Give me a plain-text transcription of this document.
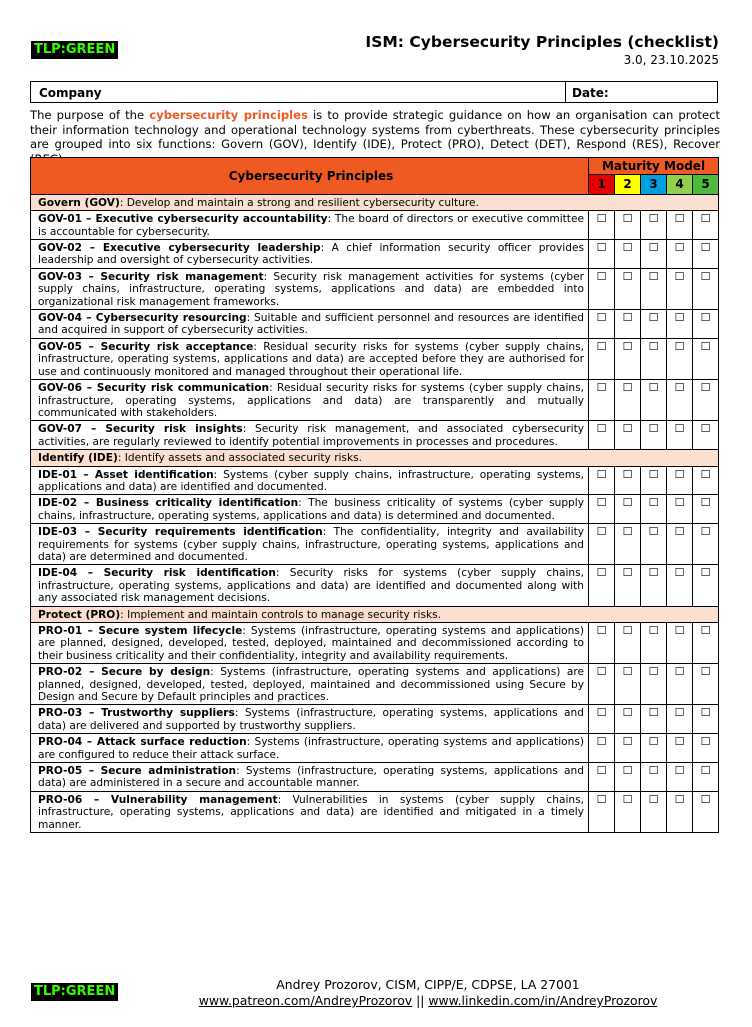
TLP:GREEN	ISM: Cybersecurity Principles (checklist)
3.0, 23.10.2025
Company	Date:
The purpose of the cybersecurity principles is to provide strategic guidance on how an organisation can protect their information technology and operational technology systems from cyberthreats. These cybersecurity principles are grouped into six functions: Govern (GOV), Identify (IDE), Protect (PRO), Detect (DET), Respond (RES), Recover
Cybersecurity Principles	Maturity Model				
	1	2	3	4	5
Govern (GOV): Develop and maintain a strong and resilient cybersecurity culture.					
GOV-01 – Executive cybersecurity accountability: The board of directors or executive committee is accountable for cybersecurity.	☐	☐	☐	☐	☐
GOV-02 – Executive cybersecurity leadership: A chief information security officer provides leadership and oversight of cybersecurity activities.	☐	☐	☐	☐	☐
GOV-03 – Security risk management: Security risk management activities for systems (cyber supply chains, infrastructure, operating systems, applications and data) are embedded into organizational risk management frameworks.	☐	☐	☐	☐	☐
GOV-04 – Cybersecurity resourcing: Suitable and sufficient personnel and resources are identified and acquired in support of cybersecurity activities.	☐	☐	☐	☐	☐
GOV-05 – Security risk acceptance: Residual security risks for systems (cyber supply chains, infrastructure, operating systems, applications and data) are accepted before they are authorised for use and continuously monitored and managed throughout their operational life.	☐	☐	☐	☐	☐
GOV-06 – Security risk communication: Residual security risks for systems (cyber supply chains, infrastructure, operating systems, applications and data) are transparently and mutually communicated with stakeholders.	☐	☐	☐	☐	☐
GOV-07 – Security risk insights: Security risk management, and associated cybersecurity activities, are regularly reviewed to identify potential improvements in processes and procedures.	☐	☐	☐	☐	☐
Identify (IDE): Identify assets and associated security risks.					
IDE-01 – Asset identification: Systems (cyber supply chains, infrastructure, operating systems, applications and data) are identified and documented.	☐	☐	☐	☐	☐
IDE-02 – Business criticality identification: The business criticality of systems (cyber supply chains, infrastructure, operating systems, applications and data) is determined and documented.	☐	☐	☐	☐	☐
IDE-03 – Security requirements identification: The confidentiality, integrity and availability requirements for systems (cyber supply chains, infrastructure, operating systems, applications and data) are determined and documented.	☐	☐	☐	☐	☐
IDE-04 – Security risk identification: Security risks for systems (cyber supply chains, infrastructure, operating systems, applications and data) are identified and documented along with any associated risk management decisions.	☐	☐	☐	☐	☐
Protect (PRO): Implement and maintain controls to manage security risks.					
PRO-01 – Secure system lifecycle: Systems (infrastructure, operating systems and applications) are planned, designed, developed, tested, deployed, maintained and decommissioned according to their business criticality and their confidentiality, integrity and availability requirements.	☐	☐	☐	☐	☐
PRO-02 – Secure by design: Systems (infrastructure, operating systems and applications) are planned, designed, developed, tested, deployed, maintained and decommissioned using Secure by Design and Secure by Default principles and practices.	☐	☐	☐	☐	☐
PRO-03 – Trustworthy suppliers: Systems (infrastructure, operating systems, applications and data) are delivered and supported by trustworthy suppliers.	☐	☐	☐	☐	☐
PRO-04 – Attack surface reduction: Systems (infrastructure, operating systems and applications) are configured to reduce their attack surface.	☐	☐	☐	☐	☐
PRO-05 – Secure administration: Systems (infrastructure, operating systems, applications and data) are administered in a secure and accountable manner.	☐	☐	☐	☐	☐
PRO-06 – Vulnerability management: Vulnerabilities in systems (cyber supply chains, infrastructure, operating systems, applications and data) are identified and mitigated in a timely manner.	☐	☐	☐	☐	☐
TLP:GREEN	Andrey Prozorov, CISM, CIPP/E, CDPSE, LA 27001
www.patreon.com/AndreyProzorov || www.linkedin.com/in/AndreyProzorov
